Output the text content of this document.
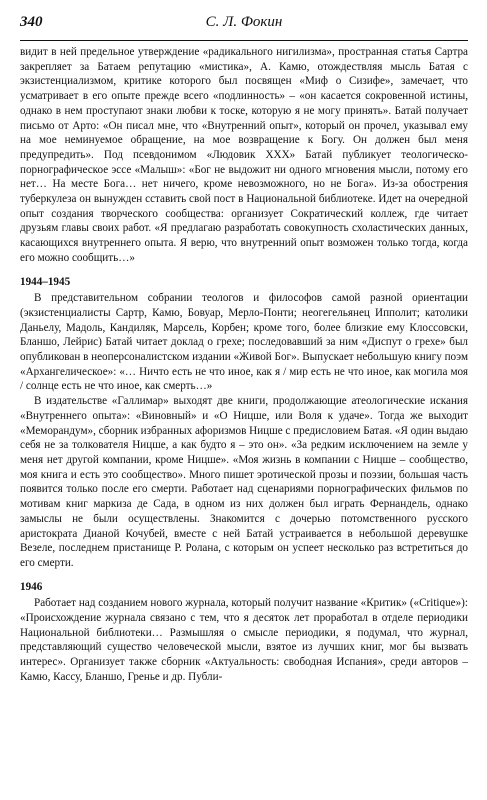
340	С. Л. Фокин

видит в ней предельное утверждение «радикального нигилизма», пространная статья Сартра закрепляет за Батаем репутацию «мистика», А. Камю, отождествляя мысль Батая с экзистенциализмом, критике которого был посвящен «Миф о Сизифе», замечает, что усматривает в его опыте прежде всего «подлинность» – «он касается сокровенной истины, однако в нем проступают знаки любви к тоске, которую я не могу принять». Батай получает письмо от Арто: «Он писал мне, что «Внутренний опыт», который он прочел, указывал ему на мое неминуемое обращение, на мое возвращение к Богу. Он должен был меня предупредить». Под псевдонимом «Людовик XXX» Батай публикует теологическо-порнографическое эссе «Малыш»: «Бог не выдожит ни одного мгновения мысли, потому его нет… На месте Бога… нет ничего, кроме невозможного, но не Бога». Из-за обострения туберкулеза он вынужден сставить свой пост в Национальной библиотеке. Идет на очередной опыт создания творческого сообщества: организует Сократический коллеж, где читает друзьям главы своих работ. «Я предлагаю разработать совокупность схоластических данных, касающихся внутреннего опыта. Я верю, что внутренний опыт возможен только тогда, когда его можно сообщить…»

1944–1945

В представительном собрании теологов и философов самой разной ориентации (экзистенциалисты Сартр, Камю, Бовуар, Мерло-Понти; неогегельянец Ипполит; католики Даньелу, Мадоль, Кандиляк, Марсель, Корбен; кроме того, более близкие ему Клоссовски, Бланшо, Лейрис) Батай читает доклад о грехе; последовавший за ним «Диспут о грехе» был опубликован в неоперсоналистском издании «Живой Бог». Выпускает небольшую книгу поэм «Архангелическое»: «… Ничто есть не что иное, как я / мир есть не что иное, как могила моя / солнце есть не что иное, как смерть…»

В издательстве «Галлимар» выходят две книги, продолжающие атеологические искания «Внутреннего опыта»: «Виновный» и «О Ницше, или Воля к удаче». Тогда же выходит «Меморандум», сборник избранных афоризмов Ницше с предисловием Батая. «Я один выдаю себя не за толкователя Ницше, а как будто я – это он». «За редким исключением на земле у меня нет другой компании, кроме Ницше». «Моя жизнь в компании с Ницше – сообщество, моя книга и есть это сообщество». Много пишет эротической прозы и поэзии, большая часть появится только после его смерти. Работает над сценариями порнографических фильмов по мотивам книг маркиза де Сада, в одном из них должен был играть Фернандель, однако замыслы не были осуществлены. Знакомится с дочерью потомственного русского аристократа Дианой Кочубей, вместе с ней Батай устраивается в небольшой деревушке Везеле, последнем пристанище Р. Ролана, с которым он успеет несколько раз встретиться до его смерти.

1946

Работает над созданием нового журнала, который получит название «Критик» («Critique»): «Происхождение журнала связано с тем, что я десяток лет проработал в отделе периодики Национальной библиотеки… Размышляя о смысле периодики, я подумал, что журнал, представляющий существо человеческой мысли, взятое из лучших книг, мог бы вызвать интерес». Организует также сборник «Актуальность: свободная Испания», среди авторов – Камю, Кассу, Бланшо, Гренье и др. Публи-
